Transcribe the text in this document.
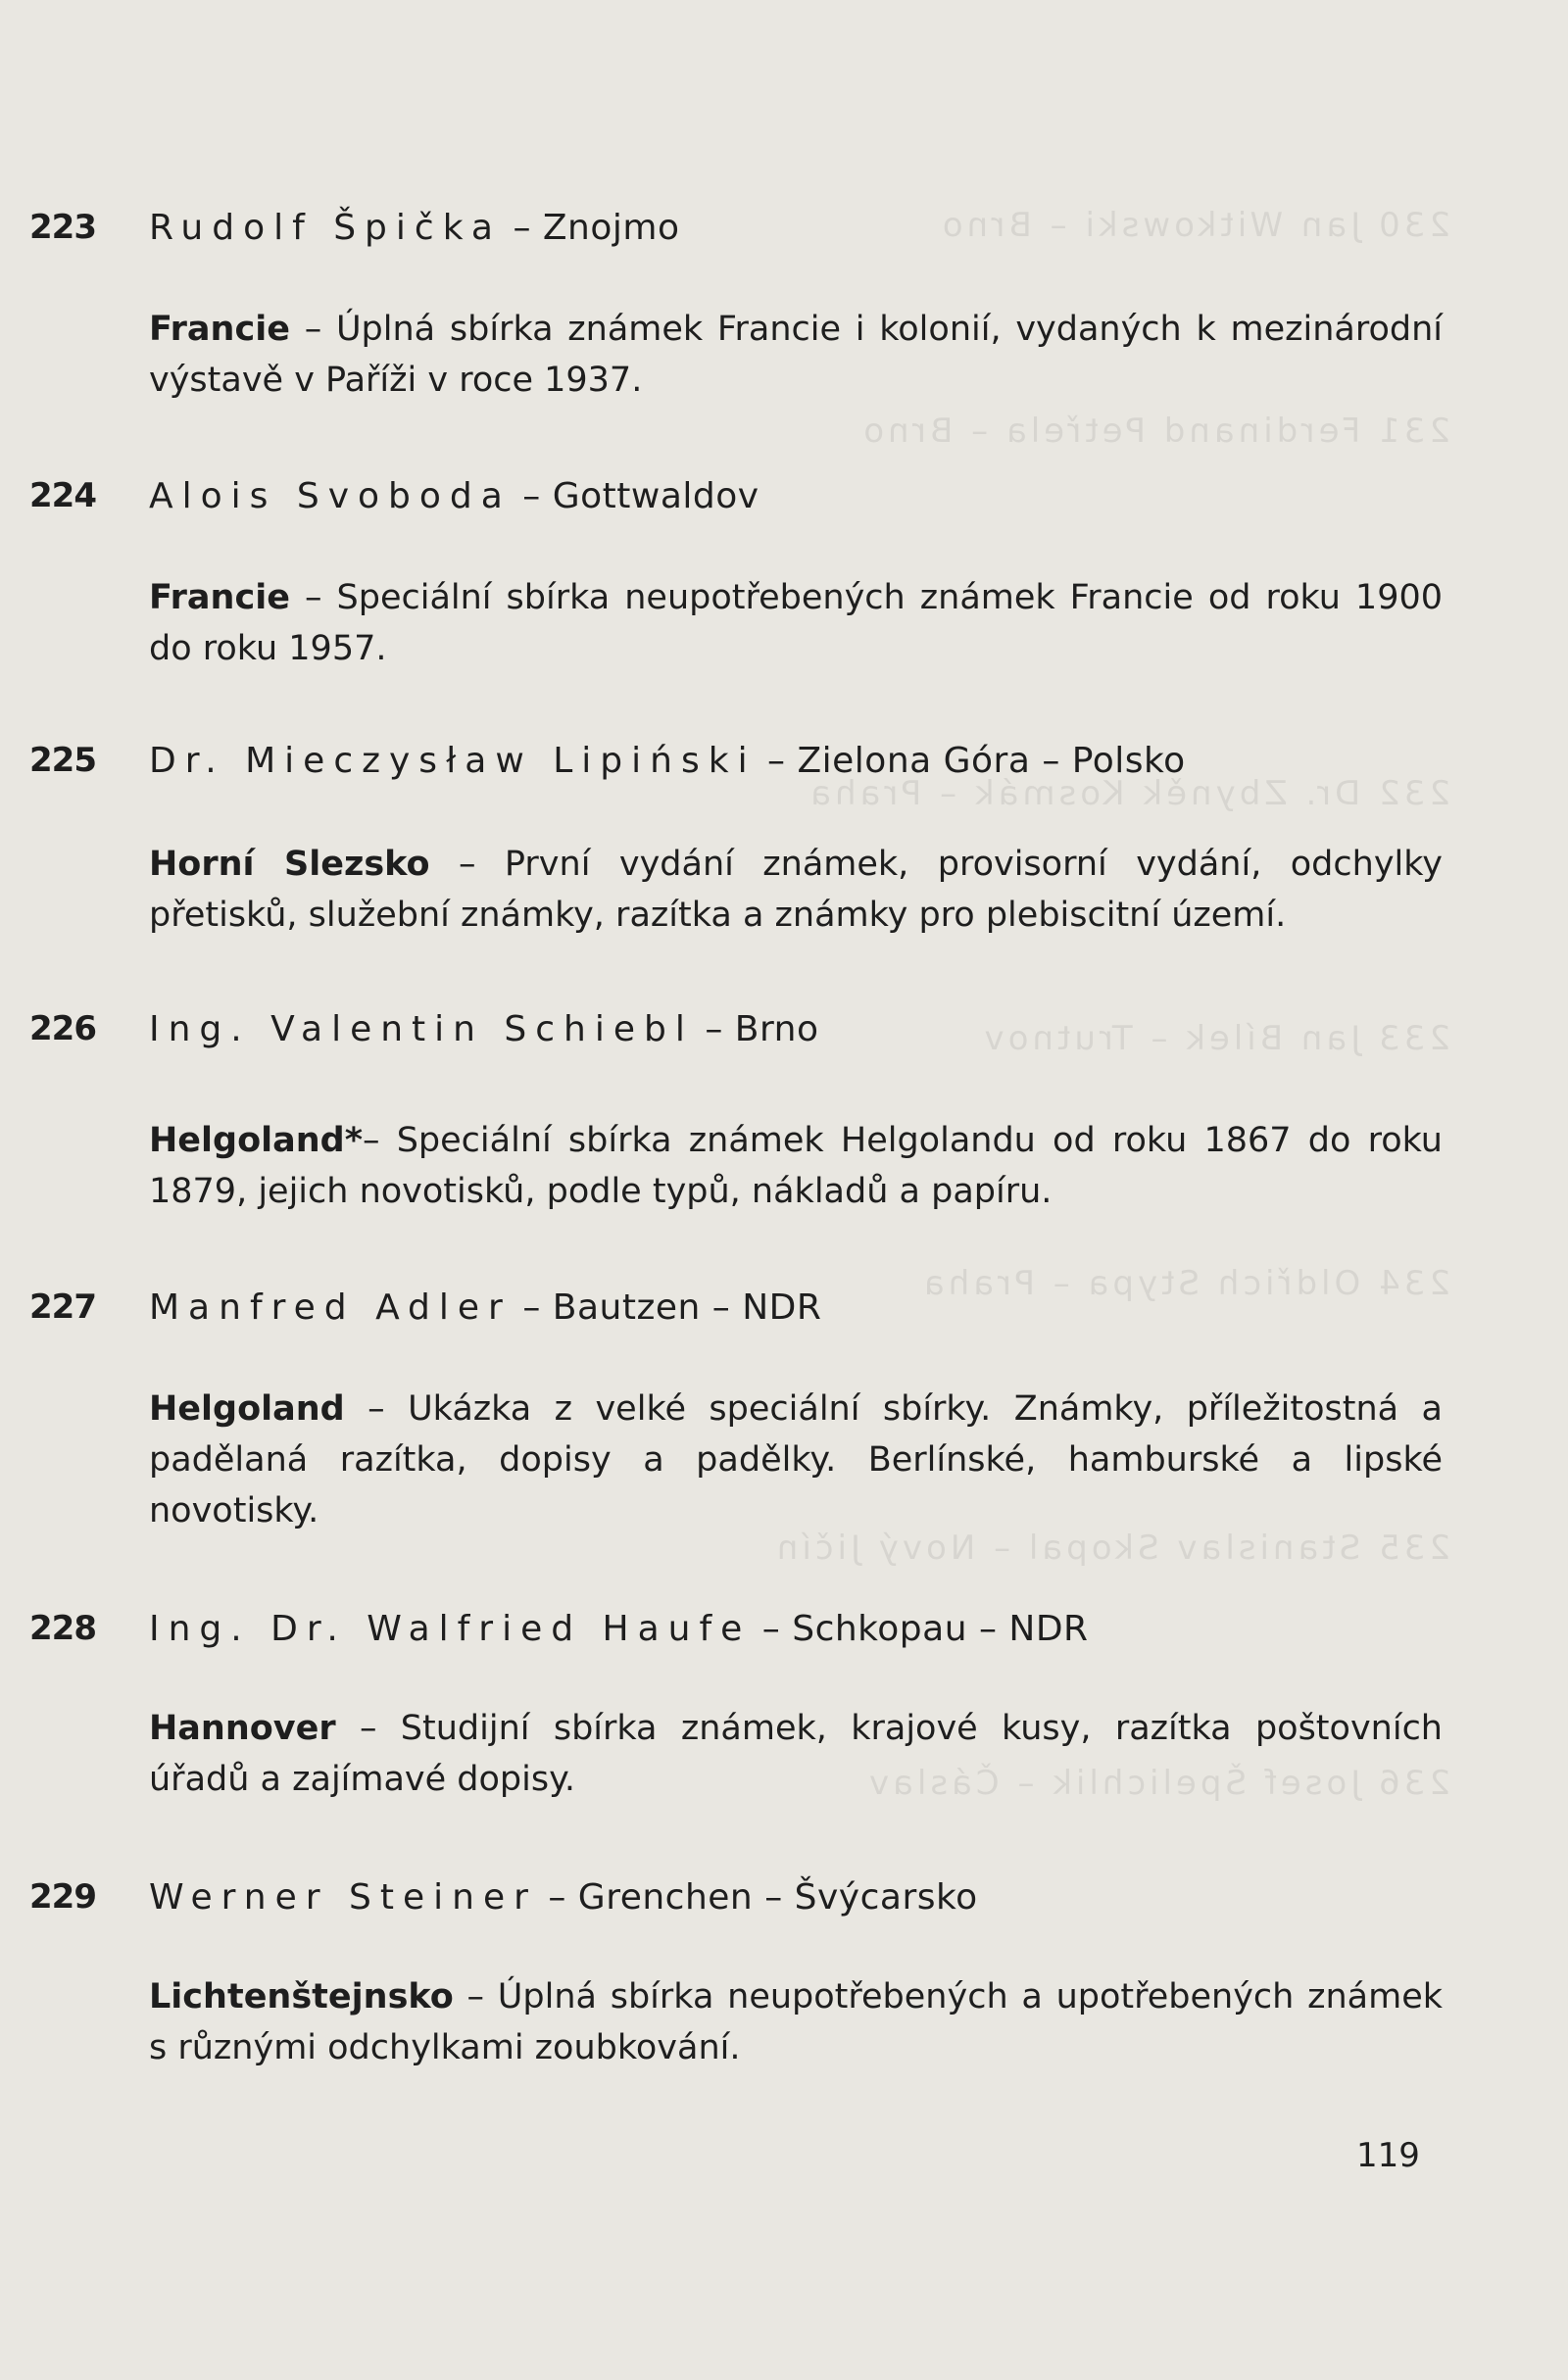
230 Jan Witkowski – Brno
231 Ferdinand Petřela – Brno
232 Dr. Zbyněk Kosmák – Praha
233 Jan Bílek – Trutnov
234 Oldřich Stypa – Praha
235 Stanislav Skopal – Nový Jičín
236 Josef Špelichlik – Čáslav
223 Rudolf Špička – Znojmo
Francie – Úplná sbírka známek Francie i kolonií, vydaných k mezinárodní výstavě v Paříži v roce 1937.
224 Alois Svoboda – Gottwaldov
Francie – Speciální sbírka neupotřebených známek Francie od roku 1900 do roku 1957.
225 Dr. Mieczysław Lipiński – Zielona Góra – Polsko
Horní Slezsko – První vydání známek, provisorní vydání, odchylky přetisků, služební známky, razítka a známky pro plebiscitní území.
226 Ing. Valentin Schiebl – Brno
Helgoland*– Speciální sbírka známek Helgolandu od roku 1867 do roku 1879, jejich novotisků, podle typů, nákladů a papíru.
227 Manfred Adler – Bautzen – NDR
Helgoland – Ukázka z velké speciální sbírky. Známky, příležitostná a padělaná razítka, dopisy a padělky. Berlínské, hamburské a lipské novotisky.
228 Ing. Dr. Walfried Haufe – Schkopau – NDR
Hannover – Studijní sbírka známek, krajové kusy, razítka poštovních úřadů a zajímavé dopisy.
229 Werner Steiner – Grenchen – Švýcarsko
Lichtenštejnsko – Úplná sbírka neupotřebených a upotřebených známek s různými odchylkami zoubkování.
119
